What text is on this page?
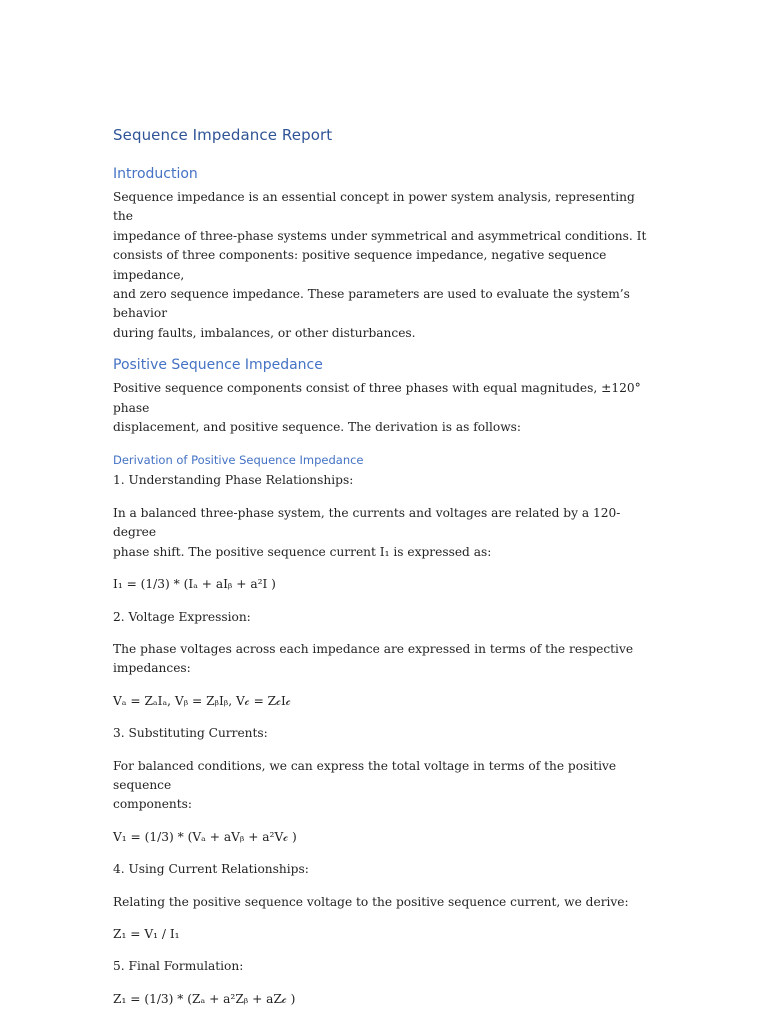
Sequence Impedance Report
Introduction
Sequence impedance is an essential concept in power system analysis, representing the
impedance of three-phase systems under symmetrical and asymmetrical conditions. It
consists of three components: positive sequence impedance, negative sequence impedance,
and zero sequence impedance. These parameters are used to evaluate the system’s behavior
during faults, imbalances, or other disturbances.
Positive Sequence Impedance
Positive sequence components consist of three phases with equal magnitudes, ±120° phase
displacement, and positive sequence. The derivation is as follows:
Derivation of Positive Sequence Impedance
1. Understanding Phase Relationships:
In a balanced three-phase system, the currents and voltages are related by a 120-degree
phase shift. The positive sequence current I₁ is expressed as:
I₁ = (1/3) * (Iₐ + aIᵦ + a²I )
2. Voltage Expression:
The phase voltages across each impedance are expressed in terms of the respective
impedances:
Vₐ = ZₐIₐ, Vᵦ = ZᵦIᵦ, V𝒸 = Z𝒸I𝒸
3. Substituting Currents:
For balanced conditions, we can express the total voltage in terms of the positive sequence
components:
V₁ = (1/3) * (Vₐ + aVᵦ + a²V𝒸 )
4. Using Current Relationships:
Relating the positive sequence voltage to the positive sequence current, we derive:
Z₁ = V₁ / I₁
5. Final Formulation:
Z₁ = (1/3) * (Zₐ + a²Zᵦ + aZ𝒸 )
